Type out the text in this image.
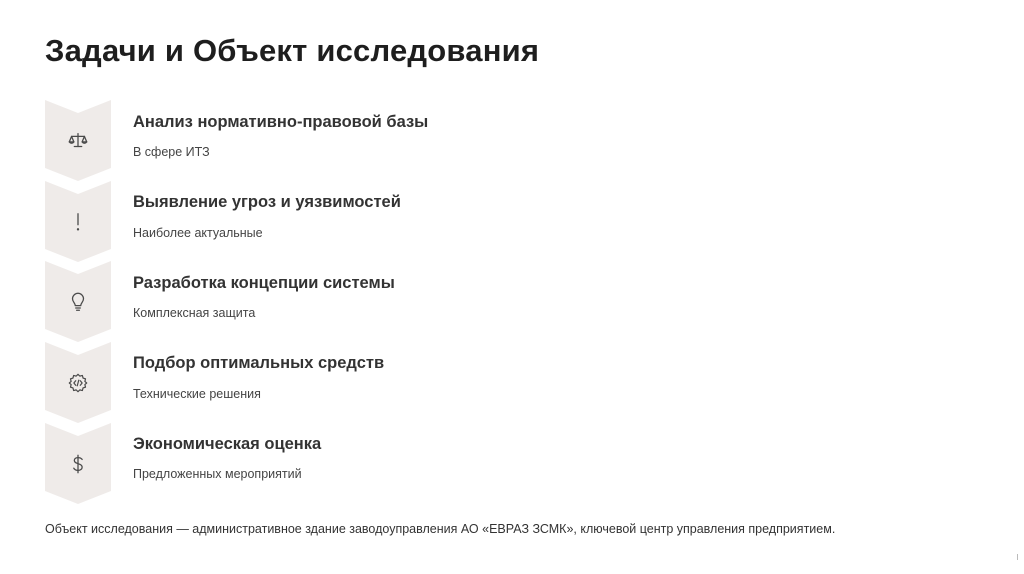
Задачи и Объект исследования
Анализ нормативно-правовой базы
В сфере ИТЗ
Выявление угроз и уязвимостей
Наиболее актуальные
Разработка концепции системы
Комплексная защита
Подбор оптимальных средств
Технические решения
Экономическая оценка
Предложенных мероприятий
Объект исследования — административное здание заводоуправления АО «ЕВРАЗ ЗСМК», ключевой центр управления предприятием.
